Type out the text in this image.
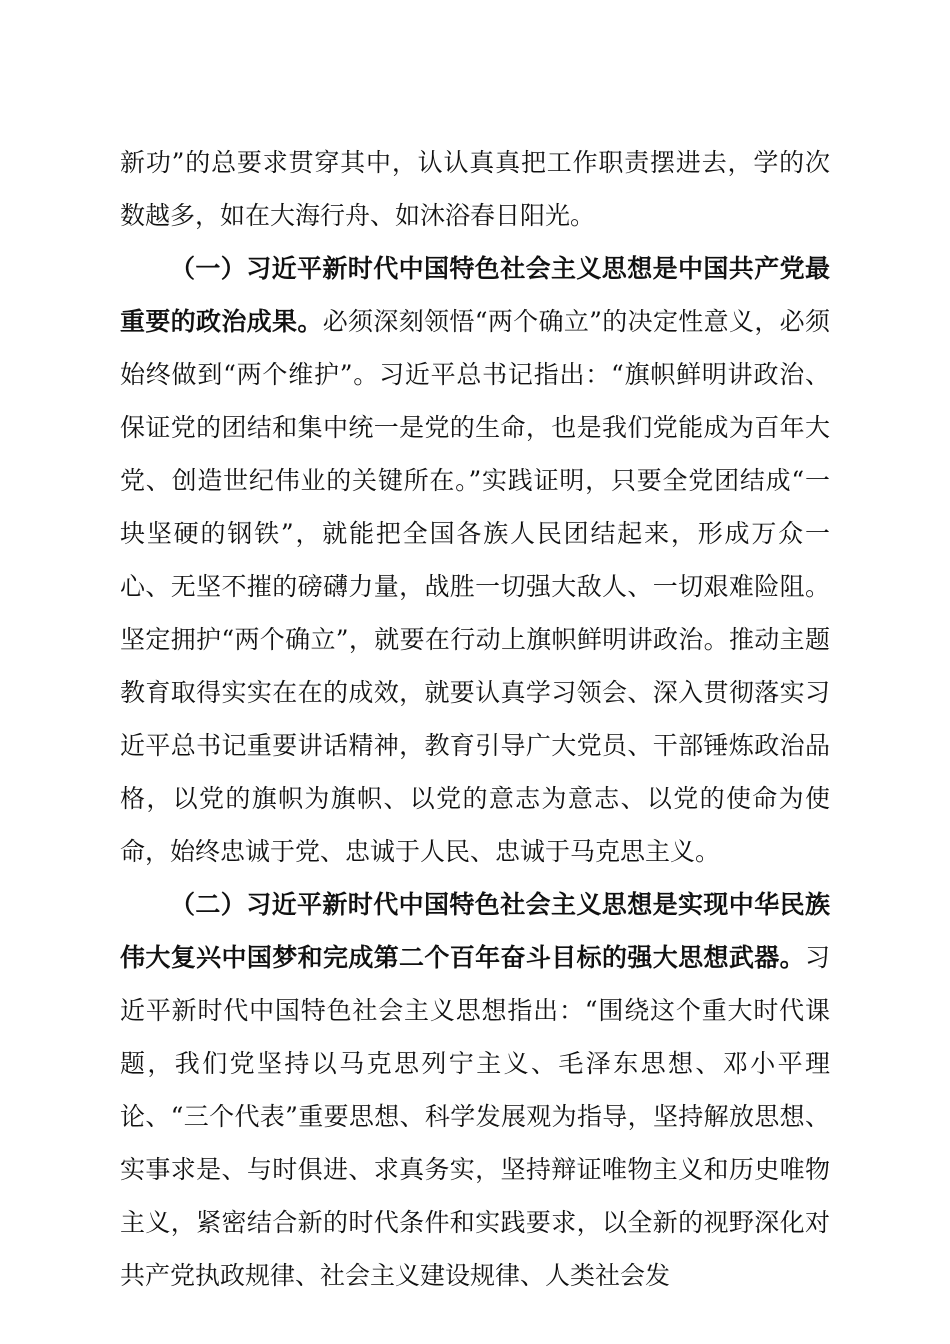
新功”的总要求贯穿其中，认认真真把工作职责摆进去，学的次数越多，如在大海行舟、如沐浴春日阳光。

（一）习近平新时代中国特色社会主义思想是中国共产党最重要的政治成果。必须深刻领悟“两个确立”的决定性意义，必须始终做到“两个维护”。习近平总书记指出：“旗帜鲜明讲政治、保证党的团结和集中统一是党的生命，也是我们党能成为百年大党、创造世纪伟业的关键所在。”实践证明，只要全党团结成“一块坚硬的钢铁”，就能把全国各族人民团结起来，形成万众一心、无坚不摧的磅礴力量，战胜一切强大敌人、一切艰难险阻。坚定拥护“两个确立”，就要在行动上旗帜鲜明讲政治。推动主题教育取得实实在在的成效，就要认真学习领会、深入贯彻落实习近平总书记重要讲话精神，教育引导广大党员、干部锤炼政治品格，以党的旗帜为旗帜、以党的意志为意志、以党的使命为使命，始终忠诚于党、忠诚于人民、忠诚于马克思主义。

（二）习近平新时代中国特色社会主义思想是实现中华民族伟大复兴中国梦和完成第二个百年奋斗目标的强大思想武器。习近平新时代中国特色社会主义思想指出：“围绕这个重大时代课题，我们党坚持以马克思列宁主义、毛泽东思想、邓小平理论、“三个代表”重要思想、科学发展观为指导，坚持解放思想、实事求是、与时俱进、求真务实，坚持辩证唯物主义和历史唯物主义，紧密结合新的时代条件和实践要求，以全新的视野深化对共产党执政规律、社会主义建设规律、人类社会发
